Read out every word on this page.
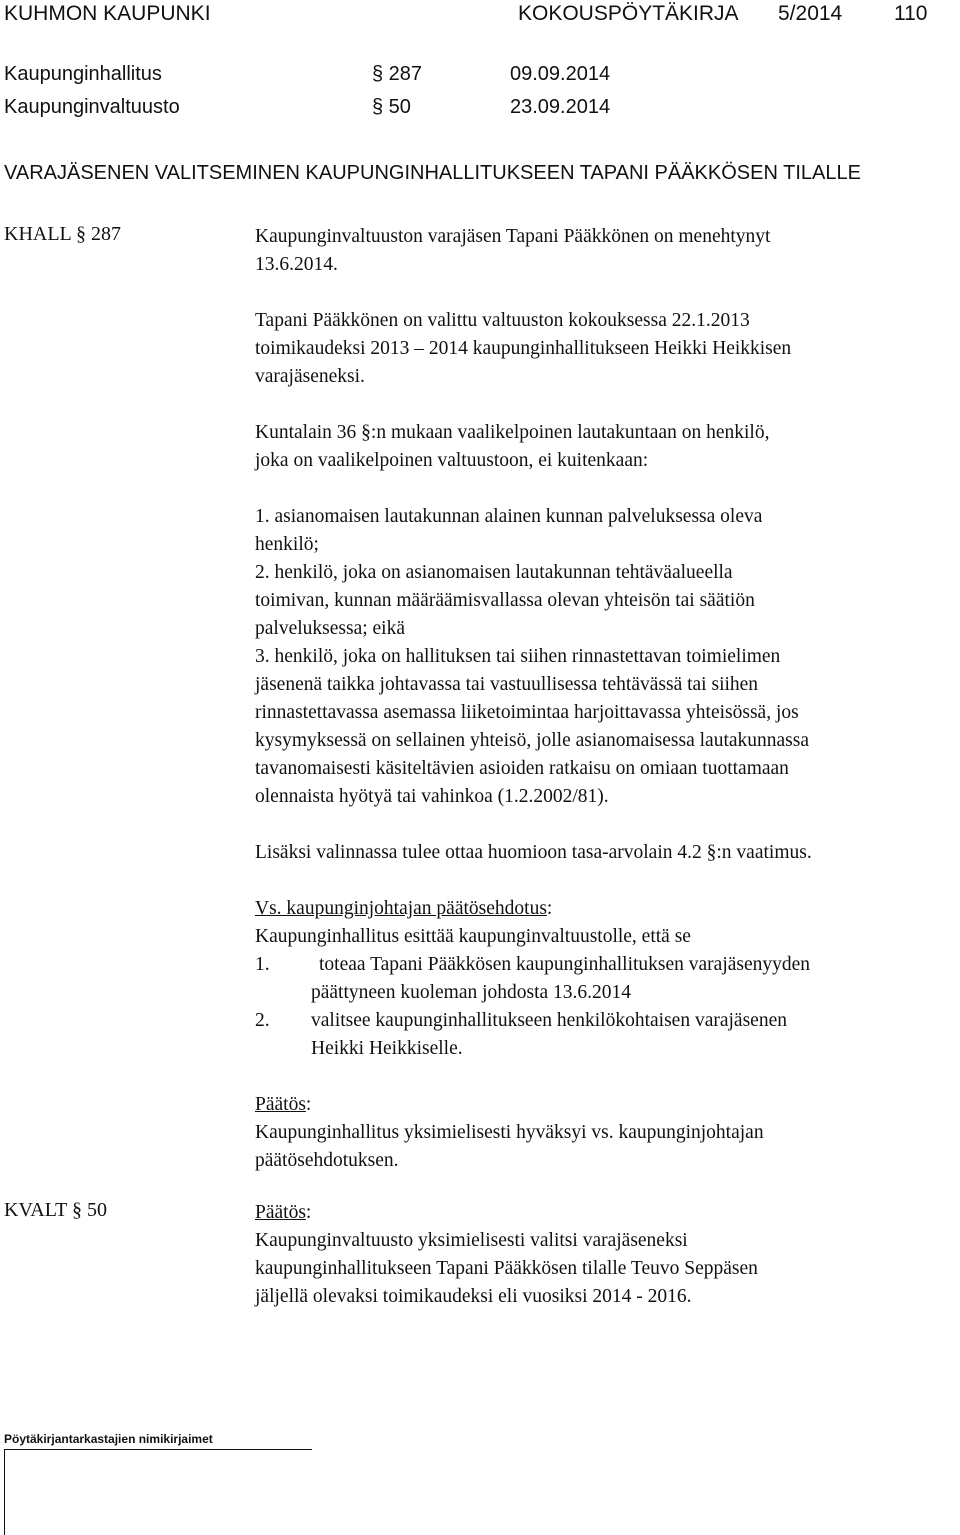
KUHMON KAUPUNKI	KOKOUSPÖYTÄKIRJA 5/2014 110
Kaupunginhallitus	§ 287	09.09.2014
Kaupunginvaltuusto	§ 50	23.09.2014
VARAJÄSENEN VALITSEMINEN KAUPUNGINHALLITUKSEEN TAPANI PÄÄKKÖSEN TILALLE
KHALL § 287
KVALT § 50

Kaupunginvaltuuston varajäsen Tapani Pääkkönen on menehtynyt
13.6.2014.

Tapani Pääkkönen on valittu valtuuston kokouksessa 22.1.2013
toimikaudeksi 2013 – 2014 kaupunginhallitukseen Heikki Heikkisen
varajäseneksi.

Kuntalain 36 §:n mukaan vaalikelpoinen lautakuntaan on henkilö,
joka on vaalikelpoinen valtuustoon, ei kuitenkaan:

1. asianomaisen lautakunnan alainen kunnan palveluksessa oleva
henkilö;
2. henkilö, joka on asianomaisen lautakunnan tehtäväalueella
toimivan, kunnan määräämisvallassa olevan yhteisön tai säätiön
palveluksessa; eikä
3. henkilö, joka on hallituksen tai siihen rinnastettavan toimielimen
jäsenenä taikka johtavassa tai vastuullisessa tehtävässä tai siihen
rinnastettavassa asemassa liiketoimintaa harjoittavassa yhteisössä, jos
kysymyksessä on sellainen yhteisö, jolle asianomaisessa lautakunnassa
tavanomaisesti käsiteltävien asioiden ratkaisu on omiaan tuottamaan
olennaista hyötyä tai vahinkoa (1.2.2002/81).

Lisäksi valinnassa tulee ottaa huomioon tasa-arvolain 4.2 §:n vaatimus.

Vs. kaupunginjohtajan päätösehdotus:
Kaupunginhallitus esittää kaupunginvaltuustolle, että se

1.	toteaa Tapani Pääkkösen kaupunginhallituksen varajäsenyyden
päättyneen kuoleman johdosta 13.6.2014
2.	valitsee kaupunginhallitukseen henkilökohtaisen varajäsenen
Heikki Heikkiselle.

Päätös:
Kaupunginhallitus yksimielisesti hyväksyi vs. kaupunginjohtajan
päätösehdotuksen.

Päätös:
Kaupunginvaltuusto yksimielisesti valitsi varajäseneksi
kaupunginhallitukseen Tapani Pääkkösen tilalle Teuvo Seppäsen
jäljellä olevaksi toimikaudeksi eli vuosiksi 2014 - 2016.

Pöytäkirjantarkastajien nimikirjaimet
